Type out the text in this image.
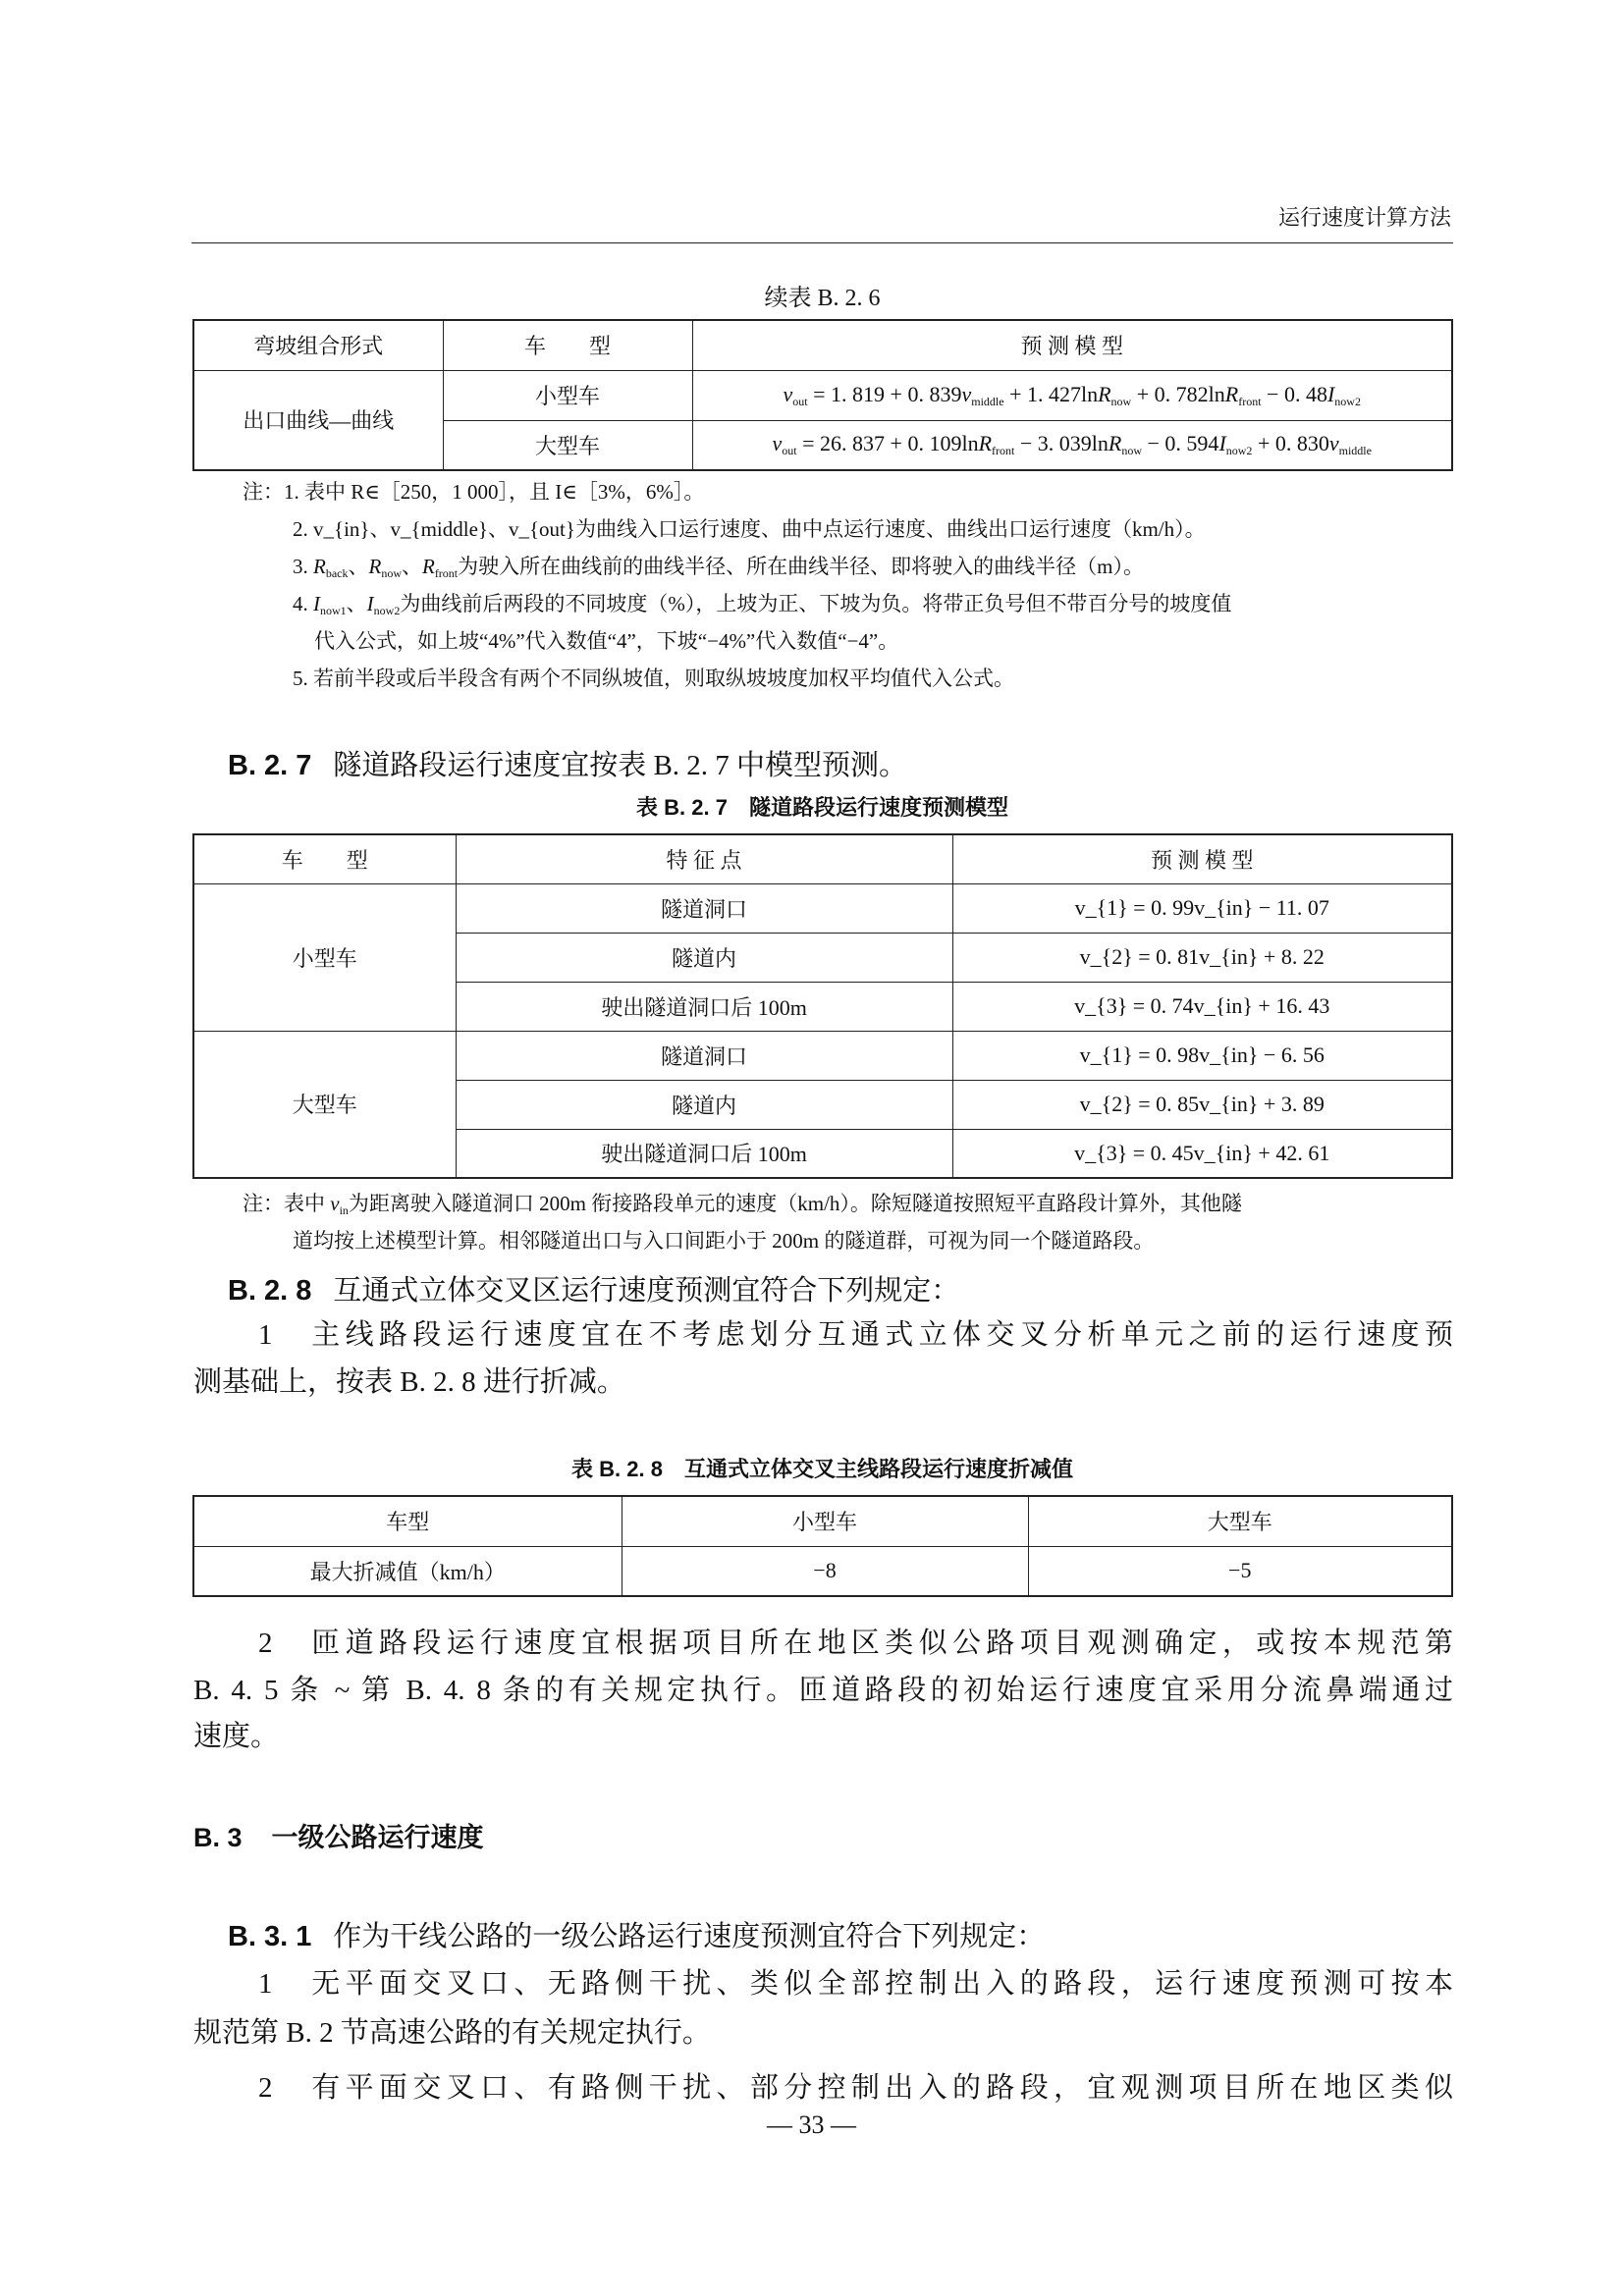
运行速度计算方法
续表 B. 2. 6
弯坡组合形式	车　　型	预 测 模 型
出口曲线—曲线	小型车	$v_{out} = 1$. 819 + 0. $839v_{middle} + 1$. 427lnR$_{now}$ + 0. 782lnR$_{front}$ − 0. $48I_{now2}$
	大型车	$v_{out} = 26$. 837 + 0. 109lnR$_{front}$ − 3. 039lnR$_{now}$ − 0. $594I_{now2} + 0$. $830v_{middle}$
注：1. 表中 R∈［250，1 000］，且 I∈［3%，6%］。
2. v_{in}、v_{middle}、v_{out}为曲线入口运行速度、曲中点运行速度、曲线出口运行速度（km/h）。
3. $R_{back}$、$R_{now}$、$R_{front}$为驶入所在曲线前的曲线半径、所在曲线半径、即将驶入的曲线半径（m）。
4. $I_{now1}$、$I_{now2}$为曲线前后两段的不同坡度（%），上坡为正、下坡为负。将带正负号但不带百分号的坡度值
代入公式，如上坡“4%”代入数值“4”，下坡“−4%”代入数值“−4”。
5. 若前半段或后半段含有两个不同纵坡值，则取纵坡坡度加权平均值代入公式。
B. 2. 7 隧道路段运行速度宜按表 B. 2. 7 中模型预测。
表 B. 2. 7　隧道路段运行速度预测模型
车　　型	特 征 点	预 测 模 型
小型车	隧道洞口	v_{1} = 0. 99v_{in} − 11. 07
	隧道内	v_{2} = 0. 81v_{in} + 8. 22
	驶出隧道洞口后 100m	v_{3} = 0. 74v_{in} + 16. 43
大型车	隧道洞口	v_{1} = 0. 98v_{in} − 6. 56
	隧道内	v_{2} = 0. 85v_{in} + 3. 89
	驶出隧道洞口后 100m	v_{3} = 0. 45v_{in} + 42. 61
注：表中 $v_{in}$为距离驶入隧道洞口 200m 衔接路段单元的速度（km/h）。除短隧道按照短平直路段计算外，其他隧
道均按上述模型计算。相邻隧道出口与入口间距小于 200m 的隧道群，可视为同一个隧道路段。
B. 2. 8 互通式立体交叉区运行速度预测宜符合下列规定：
1　主线路段运行速度宜在不考虑划分互通式立体交叉分析单元之前的运行速度预
测基础上，按表 B. 2. 8 进行折减。
表 B. 2. 8　互通式立体交叉主线路段运行速度折减值
车型	小型车	大型车
最大折减值（km/h）	−8	−5
2　匝道路段运行速度宜根据项目所在地区类似公路项目观测确定，或按本规范第
B. 4. 5 条 ~ 第 B. 4. 8 条的有关规定执行。匝道路段的初始运行速度宜采用分流鼻端通过
速度。
B. 3 一级公路运行速度
B. 3. 1 作为干线公路的一级公路运行速度预测宜符合下列规定：
1　无平面交叉口、无路侧干扰、类似全部控制出入的路段，运行速度预测可按本
规范第 B. 2 节高速公路的有关规定执行。
2　有平面交叉口、有路侧干扰、部分控制出入的路段，宜观测项目所在地区类似
— 33 —
